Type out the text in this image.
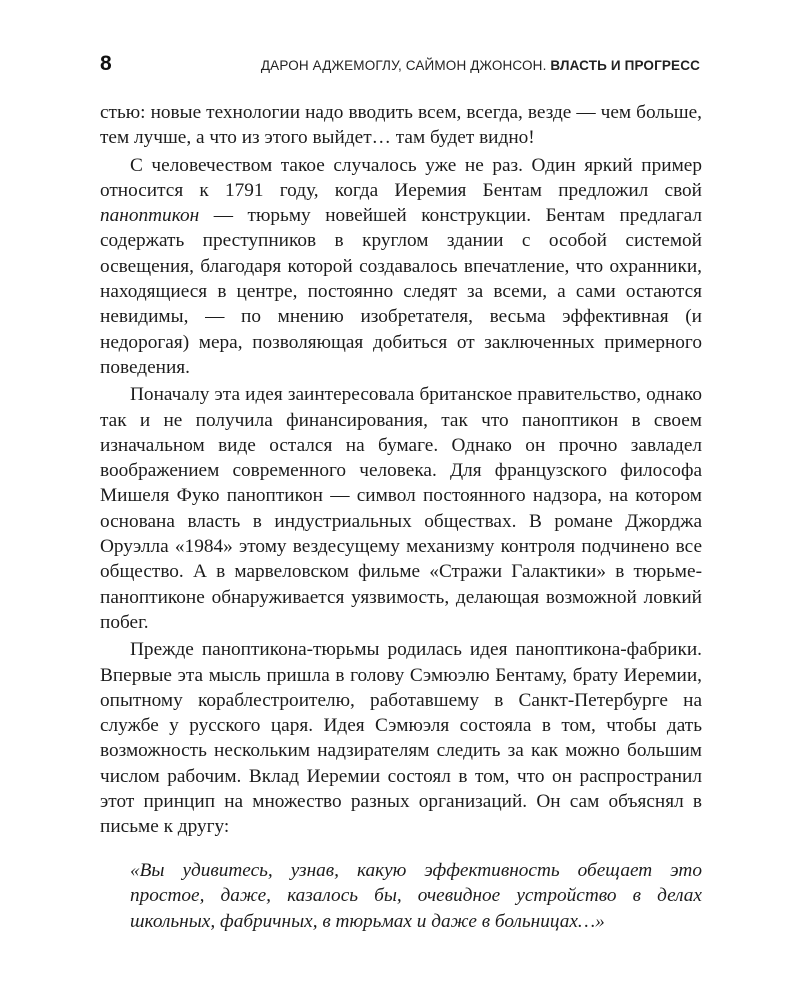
8	ДАРОН АДЖЕМОГЛУ, САЙМОН ДЖОНСОН. ВЛАСТЬ И ПРОГРЕСС

стью: новые технологии надо вводить всем, всегда, везде — чем больше, тем лучше, а что из этого выйдет… там будет видно!

С человечеством такое случалось уже не раз. Один яркий пример относится к 1791 году, когда Иеремия Бентам предложил свой паноптикон — тюрьму новейшей конструкции. Бентам предлагал содержать преступников в круглом здании с особой системой освещения, благодаря которой создавалось впечатление, что охранники, находящиеся в центре, постоянно следят за всеми, а сами остаются невидимы, — по мнению изобретателя, весьма эффективная (и недорогая) мера, позволяющая добиться от заключенных примерного поведения.

Поначалу эта идея заинтересовала британское правительство, однако так и не получила финансирования, так что паноптикон в своем изначальном виде остался на бумаге. Однако он прочно завладел воображением современного человека. Для французского философа Мишеля Фуко паноптикон — символ постоянного надзора, на котором основана власть в индустриальных обществах. В романе Джорджа Оруэлла «1984» этому вездесущему механизму контроля подчинено все общество. А в марвеловском фильме «Стражи Галактики» в тюрьме-паноптиконе обнаруживается уязвимость, делающая возможной ловкий побег.

Прежде паноптикона-тюрьмы родилась идея паноптикона-фабрики. Впервые эта мысль пришла в голову Сэмюэлю Бентаму, брату Иеремии, опытному кораблестроителю, работавшему в Санкт-Петербурге на службе у русского царя. Идея Сэмюэля состояла в том, чтобы дать возможность нескольким надзирателям следить за как можно большим числом рабочим. Вклад Иеремии состоял в том, что он распространил этот принцип на множество разных организаций. Он сам объяснял в письме к другу:

«Вы удивитесь, узнав, какую эффективность обещает это простое, даже, казалось бы, очевидное устройство в делах школьных, фабричных, в тюрьмах и даже в больницах…»
